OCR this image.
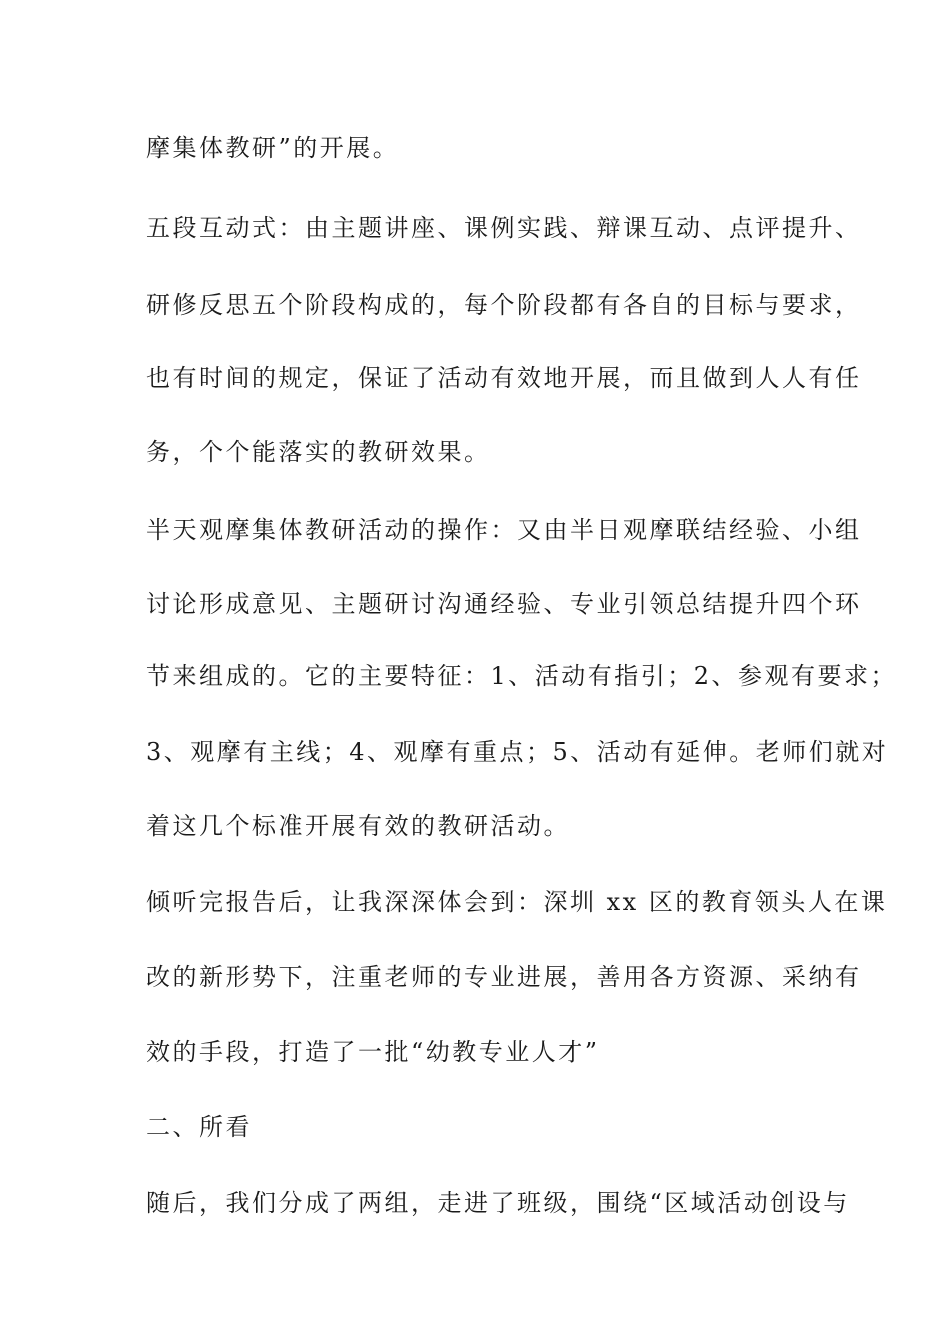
摩集体教研”的开展。
五段互动式：由主题讲座、课例实践、辩课互动、点评提升、
研修反思五个阶段构成的，每个阶段都有各自的目标与要求，
也有时间的规定，保证了活动有效地开展，而且做到人人有任
务，个个能落实的教研效果。
半天观摩集体教研活动的操作：又由半日观摩联结经验、小组
讨论形成意见、主题研讨沟通经验、专业引领总结提升四个环
节来组成的。它的主要特征：1、活动有指引；2、参观有要求；
3、观摩有主线；4、观摩有重点；5、活动有延伸。老师们就对
着这几个标准开展有效的教研活动。
倾听完报告后，让我深深体会到：深圳 xx 区的教育领头人在课
改的新形势下，注重老师的专业进展，善用各方资源、采纳有
效的手段，打造了一批“幼教专业人才”
二、所看
随后，我们分成了两组，走进了班级，围绕“区域活动创设与
